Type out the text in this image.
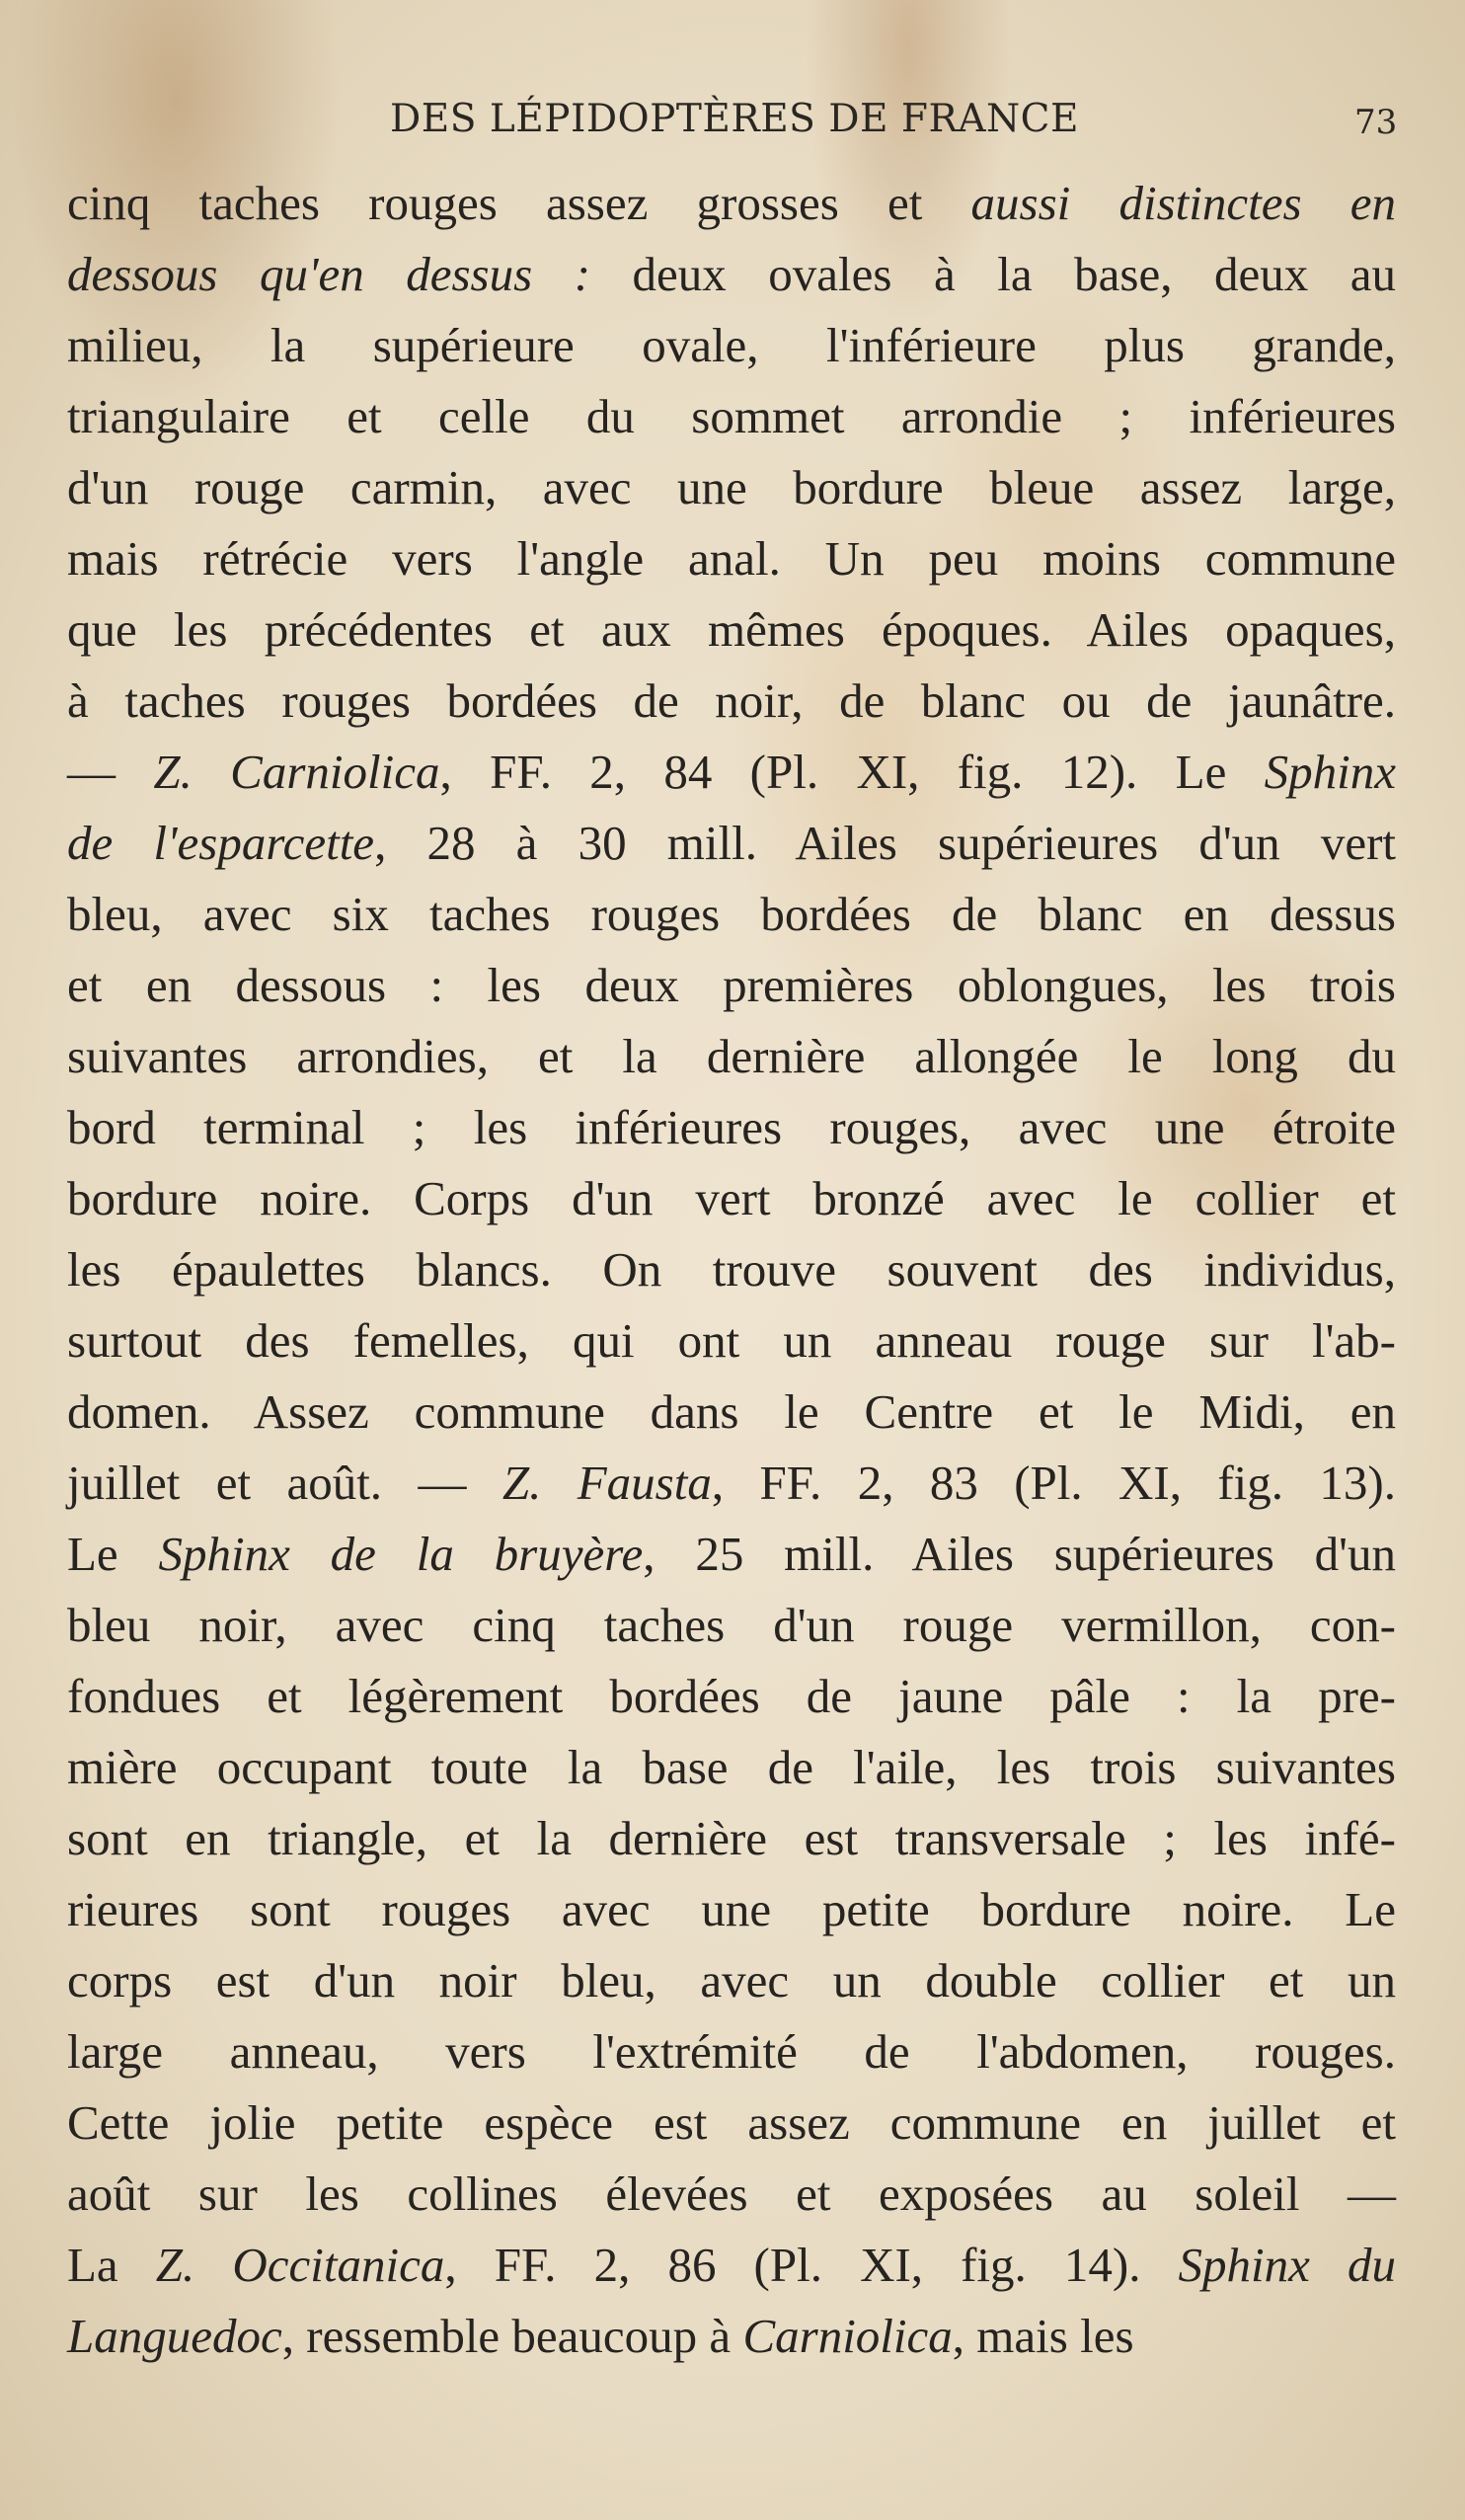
DES LÉPIDOPTÈRES DE FRANCE	73
cinq taches rouges assez grosses et aussi distinctes en
dessous qu'en dessus : deux ovales à la base, deux au
milieu, la supérieure ovale, l'inférieure plus grande,
triangulaire et celle du sommet arrondie ; inférieures
d'un rouge carmin, avec une bordure bleue assez large,
mais rétrécie vers l'angle anal. Un peu moins commune
que les précédentes et aux mêmes époques. Ailes opaques,
à taches rouges bordées de noir, de blanc ou de jaunâtre.
— Z. Carniolica, FF. 2, 84 (Pl. XI, fig. 12). Le Sphinx
de l'esparcette, 28 à 30 mill. Ailes supérieures d'un vert
bleu, avec six taches rouges bordées de blanc en dessus
et en dessous : les deux premières oblongues, les trois
suivantes arrondies, et la dernière allongée le long du
bord terminal ; les inférieures rouges, avec une étroite
bordure noire. Corps d'un vert bronzé avec le collier et
les épaulettes blancs. On trouve souvent des individus,
surtout des femelles, qui ont un anneau rouge sur l'ab-
domen. Assez commune dans le Centre et le Midi, en
juillet et août. — Z. Fausta, FF. 2, 83 (Pl. XI, fig. 13).
Le Sphinx de la bruyère, 25 mill. Ailes supérieures d'un
bleu noir, avec cinq taches d'un rouge vermillon, con-
fondues et légèrement bordées de jaune pâle : la pre-
mière occupant toute la base de l'aile, les trois suivantes
sont en triangle, et la dernière est transversale ; les infé-
rieures sont rouges avec une petite bordure noire. Le
corps est d'un noir bleu, avec un double collier et un
large anneau, vers l'extrémité de l'abdomen, rouges.
Cette jolie petite espèce est assez commune en juillet et
août sur les collines élevées et exposées au soleil —
La Z. Occitanica, FF. 2, 86 (Pl. XI, fig. 14). Sphinx du
Languedoc, ressemble beaucoup à Carniolica, mais les
